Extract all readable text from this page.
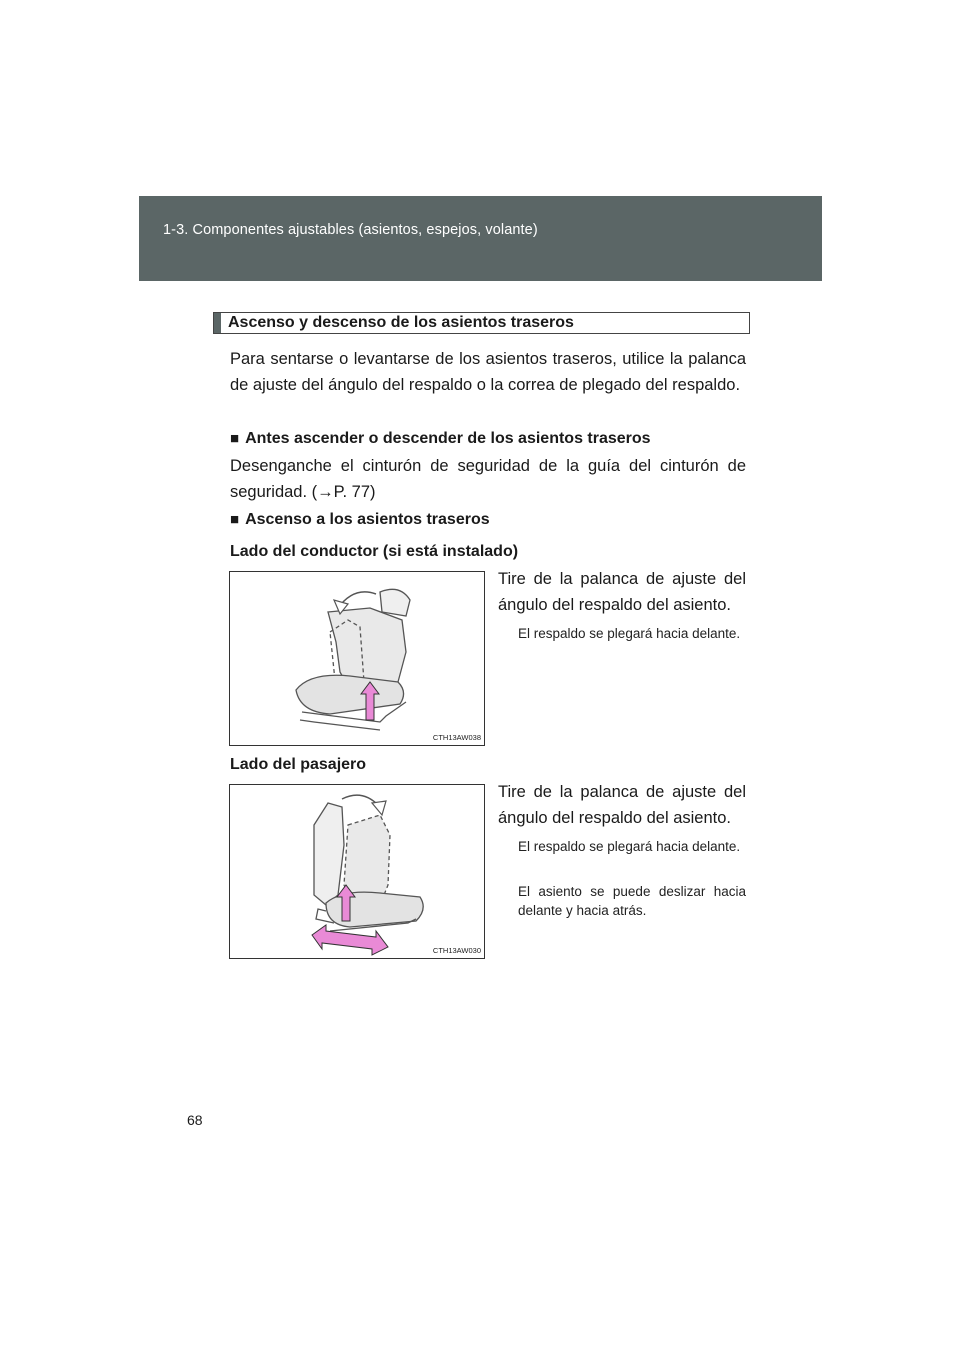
1-3. Componentes ajustables (asientos, espejos, volante)
Ascenso y descenso de los asientos traseros
Para sentarse o levantarse de los asientos traseros, utilice la palanca de ajuste del ángulo del respaldo o la correa de plegado del respaldo.
■ Antes ascender o descender de los asientos traseros
Desenganche el cinturón de seguridad de la guía del cinturón de seguridad. (→P. 77)
■ Ascenso a los asientos traseros
Lado del conductor (si está instalado)
CTH13AW038
Tire de la palanca de ajuste del ángulo del respaldo del asiento.
El respaldo se plegará hacia delante.
Lado del pasajero
CTH13AW030
Tire de la palanca de ajuste del ángulo del respaldo del asiento.
El respaldo se plegará hacia delante.
El asiento se puede deslizar hacia delante y hacia atrás.
68
